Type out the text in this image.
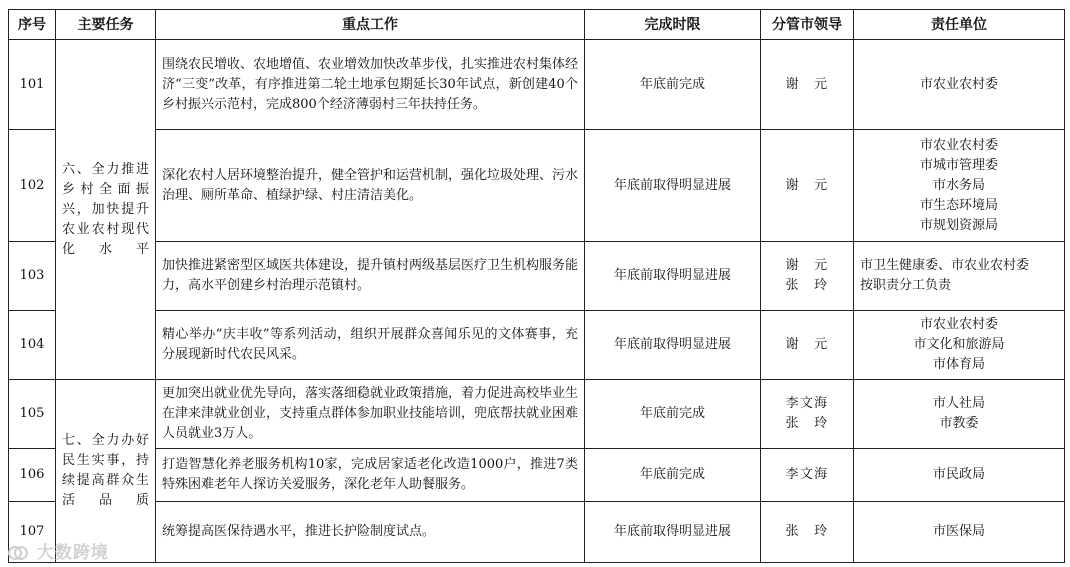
序号	主要任务	重点工作	完成时限	分管市领导	责任单位
101	六、全力推进乡村全面振兴，加快提升农业农村现代化水平	围绕农民增收、农地增值、农业增效加快改革步伐，扎实推进农村集体经济“三变”改革，有序推进第二轮土地承包期延长30年试点，新创建40个乡村振兴示范村，完成800个经济薄弱村三年扶持任务。	年底前完成	谢　元	市农业农村委

102		深化农村人居环境整治提升，健全管护和运营机制，强化垃圾处理、污水治理、厕所革命、植绿护绿、村庄清洁美化。	年底前取得明显进展	谢　元	市农业农村委
市城市管理委
市水务局
市生态环境局
市规划资源局

103		加快推进紧密型区域医共体建设，提升镇村两级基层医疗卫生机构服务能力，高水平创建乡村治理示范镇村。	年底前取得明显进展	谢　元
张　玲	市卫生健康委、市农业农村委
按职责分工负责

104		精心举办“庆丰收”等系列活动，组织开展群众喜闻乐见的文体赛事，充分展现新时代农民风采。	年底前取得明显进展	谢　元	市农业农村委
市文化和旅游局
市体育局

105	七、全力办好民生实事，持续提高群众生活品质	更加突出就业优先导向，落实落细稳就业政策措施，着力促进高校毕业生在津来津就业创业，支持重点群体参加职业技能培训，兜底帮扶就业困难人员就业3万人。	年底前完成	李文海
张　玲	市人社局
市教委

106		打造智慧化养老服务机构10家，完成居家适老化改造1000户，推进7类特殊困难老年人探访关爱服务，深化老年人助餐服务。	年底前完成	李文海	市民政局

107		统筹提高医保待遇水平，推进长护险制度试点。	年底前取得明显进展	张　玲	市医保局
大数跨境
